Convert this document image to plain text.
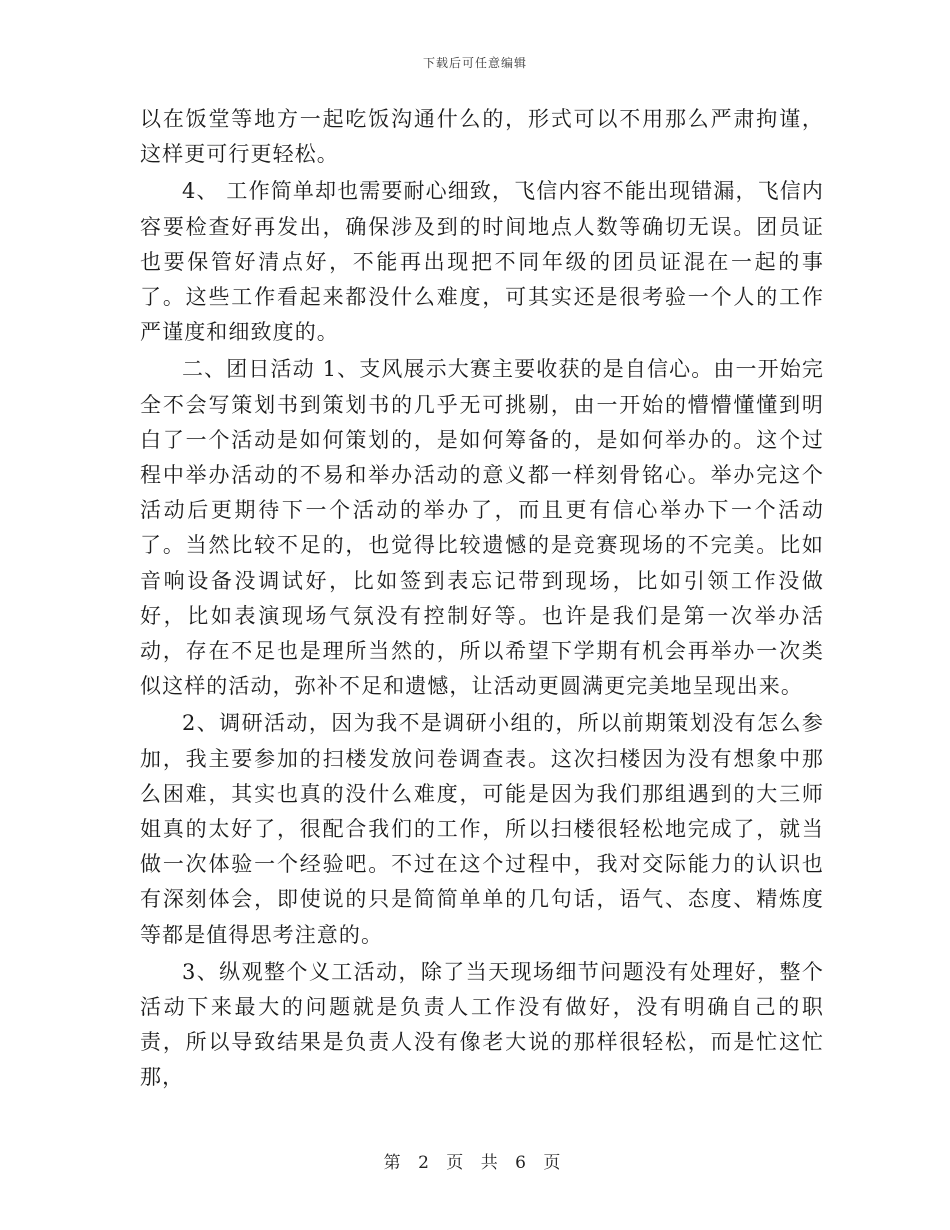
下载后可任意编辑

以在饭堂等地方一起吃饭沟通什么的，形式可以不用那么严肃拘谨，这样更可行更轻松。

4、 工作简单却也需要耐心细致，飞信内容不能出现错漏，飞信内容要检查好再发出，确保涉及到的时间地点人数等确切无误。团员证也要保管好清点好，不能再出现把不同年级的团员证混在一起的事了。这些工作看起来都没什么难度，可其实还是很考验一个人的工作严谨度和细致度的。

二、团日活动 1、支风展示大赛主要收获的是自信心。由一开始完全不会写策划书到策划书的几乎无可挑剔，由一开始的懵懵懂懂到明白了一个活动是如何策划的，是如何筹备的，是如何举办的。这个过程中举办活动的不易和举办活动的意义都一样刻骨铭心。举办完这个活动后更期待下一个活动的举办了，而且更有信心举办下一个活动了。当然比较不足的，也觉得比较遗憾的是竞赛现场的不完美。比如音响设备没调试好，比如签到表忘记带到现场，比如引领工作没做好，比如表演现场气氛没有控制好等。也许是我们是第一次举办活动，存在不足也是理所当然的，所以希望下学期有机会再举办一次类似这样的活动，弥补不足和遗憾，让活动更圆满更完美地呈现出来。

2、调研活动，因为我不是调研小组的，所以前期策划没有怎么参加，我主要参加的扫楼发放问卷调查表。这次扫楼因为没有想象中那么困难，其实也真的没什么难度，可能是因为我们那组遇到的大三师姐真的太好了，很配合我们的工作，所以扫楼很轻松地完成了，就当做一次体验一个经验吧。不过在这个过程中，我对交际能力的认识也有深刻体会，即使说的只是简简单单的几句话，语气、态度、精炼度等都是值得思考注意的。

3、纵观整个义工活动，除了当天现场细节问题没有处理好，整个活动下来最大的问题就是负责人工作没有做好，没有明确自己的职责，所以导致结果是负责人没有像老大说的那样很轻松，而是忙这忙那，

第 2 页 共 6 页
